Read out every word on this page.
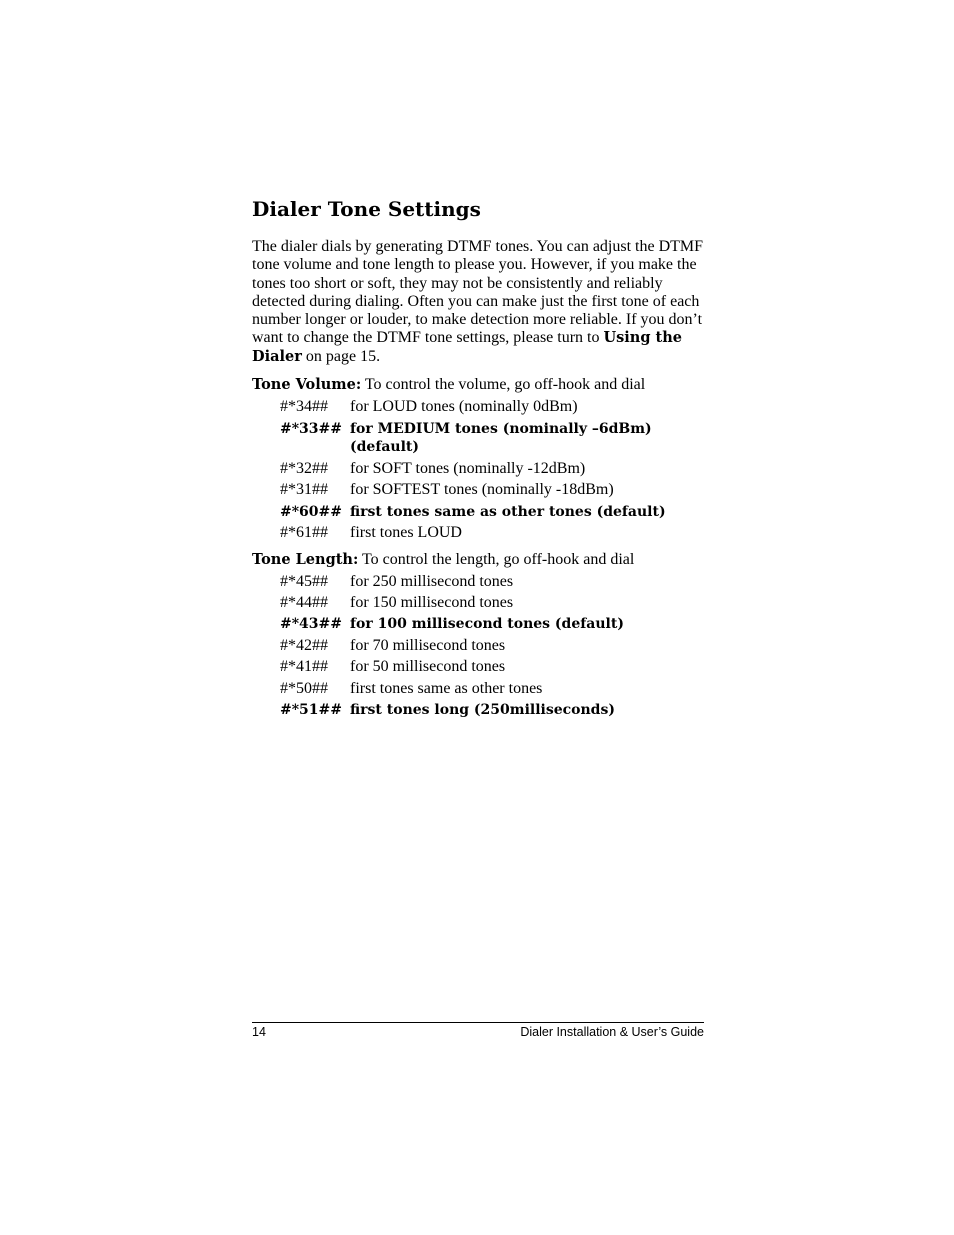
Dialer Tone Settings

The dialer dials by generating DTMF tones. You can adjust the DTMF tone volume and tone length to please you. However, if you make the tones too short or soft, they may not be consistently and reliably detected during dialing. Often you can make just the first tone of each number longer or louder, to make detection more reliable. If you don’t want to change the DTMF tone settings, please turn to Using the Dialer on page 15.

Tone Volume: To control the volume, go off-hook and dial

#*34##	for LOUD tones (nominally 0dBm)
#*33## for MEDIUM tones (nominally –6dBm) (default)
#*32##	for SOFT tones (nominally -12dBm)
#*31##	for SOFTEST tones (nominally -18dBm)
#*60## first tones same as other tones (default)
#*61##	first tones LOUD

Tone Length: To control the length, go off-hook and dial

#*45##	for 250 millisecond tones
#*44##	for 150 millisecond tones
#*43## for 100 millisecond tones (default)
#*42##	for 70 millisecond tones
#*41##	for 50 millisecond tones
#*50##	first tones same as other tones
#*51## first tones long (250milliseconds)
14	Dialer Installation & User’s Guide
